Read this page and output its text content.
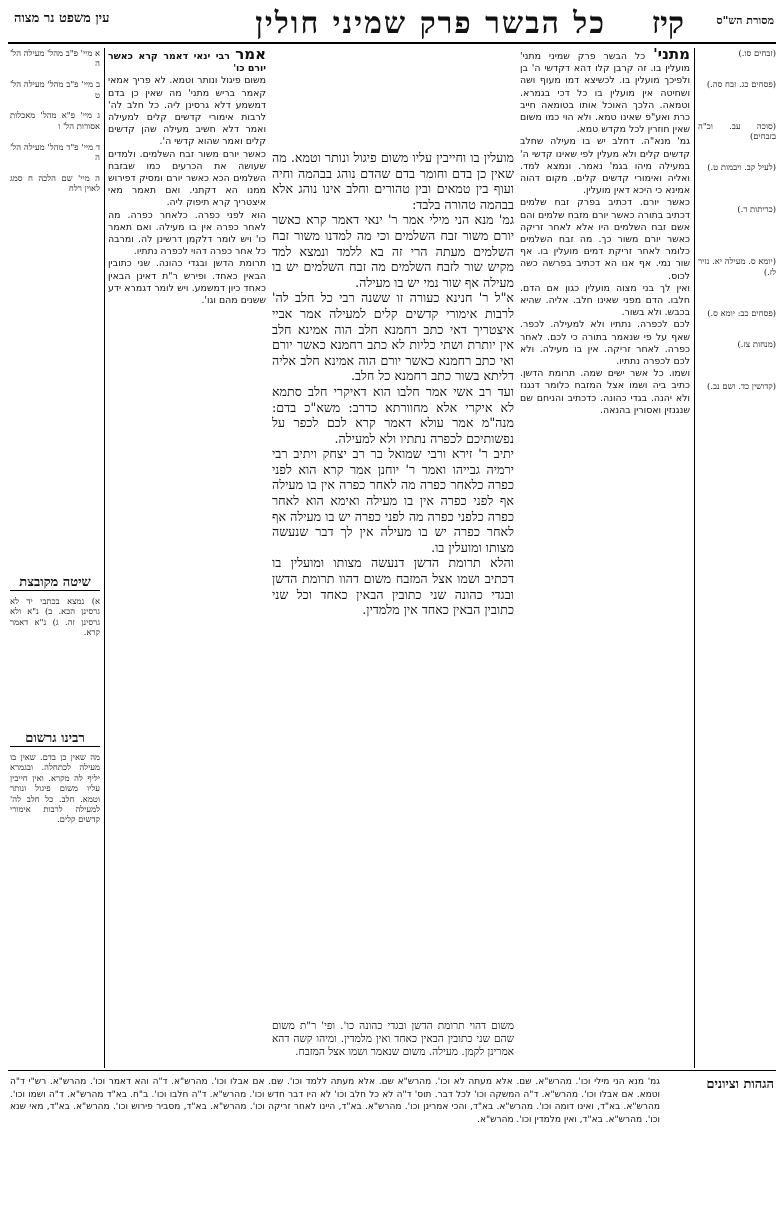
מסורת הש"ס
כל הבשר פרק שמיני חולין קיז
עין משפט נר מצוה

א מיי' פ"ב מהל' מעילה הל' ה

ב מיי' פ"ב מהל' מעילה הל' ט

ג מיי' פ"א מהל' מאכלות אסורות הל' ו

ד מיי' פ"ד מהל' מעילה הל' ה

ה מיי' שם הלכה ח סמג לאוין רלח

שיטה מקובצת

א) נמצא בכתבי יד לא גרסינן הכא. ב) נ"א ולא גרסינן זה. ג) נ"א דאמר קרא.

רבינו גרשום

מה שאין כן בדם. שאין בו מעילה לכתחלה. ובגמרא יליף לה מקרא. ואין חייבין עליו משום פיגול ונותר וטמא. חלב. כל חלב לה' למעילה לרבות אימורי קדשים קלים.

אמר רבי ינאי דאמר קרא כאשר יורם כו'

משום פיגול ונותר וטמא. לא פריך אמאי קאמר בריש מתני' מה שאין כן בדם דמשמע דלא גרסינן ליה. כל חלב לה' לרבות אימורי קדשים קלים למעילה ואמר דלא חשיב מעילה שהן קדשים קלים ואמר שהוא קדשי ה'.

כאשר יורם משור זבח השלמים. ולמדים שעושה את הכרעים כמו שבזבח השלמים הכא כאשר יורם ומסיק דפירוש ממנו הא דקתני. ואם תאמר מאי איצטריך קרא תיפוק ליה.

הוא לפני כפרה. כלאחר כפרה. מה לאחר כפרה אין בו מעילה. ואם תאמר כו' ויש לומר דלקמן דרשינן לה. ומרבה כל אחר כפרה דהוי לכפרה נתתיו.

תרומת הדשן ובגדי כהונה. שני כתובין הבאין כאחד. ופירש ר"ת דאינן הבאין כאחד כיון דמשמע. ויש לומר דגמרא ידע ששנים מהם וגו'.

מועלין בו וחייבין עליו משום פיגול ונותר וטמא. מה שאין כן בדם וחומר בדם שהדם נוהג בבהמה וחיה ועוף בין טמאים ובין טהורים וחלב אינו נוהג אלא בבהמה טהורה בלבד:

גמ' מנא הני מילי אמר ר' ינאי דאמר קרא כאשר יורם משור זבח השלמים וכי מה למדנו משור זבח השלמים מעתה הרי זה בא ללמד ונמצא למד מקיש שור לזבח השלמים מה זבח השלמים יש בו מעילה אף שור נמי יש בו מעילה.

א"ל ר' חנינא כעורה זו ששנה רבי כל חלב לה' לרבות אימורי קדשים קלים למעילה אמר אביי איצטריך דאי כתב רחמנא חלב הוה אמינא חלב אין יותרת ושתי כליות לא כתב רחמנא כאשר יורם ואי כתב רחמנא כאשר יורם הוה אמינא חלב אליה דליתא בשור כתב רחמנא כל חלב.

ועד רב אשי אמר חלבו הוא דאיקרי חלב סתמא לא איקרי אלא מחוורתא כדרב: משא"כ בדם: מנה"מ אמר עולא דאמר קרא לכם לכפר על נפשותיכם לכפרה נתתיו ולא למעילה.

יתיב ר' זירא ורבי שמואל בר רב יצחק ויתיב רבי ירמיה גבייהו ואמר ר' יוחנן אמר קרא הוא לפני כפרה כלאחר כפרה מה לאחר כפרה אין בו מעילה אף לפני כפרה אין בו מעילה ואימא הוא לאחר כפרה כלפני כפרה מה לפני כפרה יש בו מעילה אף לאחר כפרה יש בו מעילה אין לך דבר שנעשה מצותו ומועלין בו.

והלא תרומת הדשן דנעשה מצותו ומועלין בו דכתיב ושמו אצל המזבח משום דהוו תרומת הדשן ובגדי כהונה שני כתובין הבאין כאחד וכל שני כתובין הבאין כאחד אין מלמדין.

מתני' כל הבשר פרק שמיני מתני' מועלין בו. זה קרבן קלו דהא דקדשי ה' בן ולפיכך מועלין בו. לכשיצא דמו מעוף ושה ושחיטה אין מועלין בו כל דכי בגמרא. וטמאה. הלכך האוכל אותו בטומאה חייב כרת ואע"פ שאינו טמא. ולא הוי כמו משום שאין חוזרין לכל מקדש טמא.

גמ' מנא"ה. דחלב יש בו מעילה שחלב קדשים קלים ולא מעלין לפי שאינו קדשי ה' במעילה מיהו בגמ' נאמר. ונמצא למד. ואליה ואימורי קדשים קלים. מקום דהוה אמינא כי היכא דאין מועלין.

כאשר יורם. דכתיב בפרק זבח שלמים דכתיב בתורה כאשר יורם מזבח שלמים והם אשם זבח השלמים היו אלא לאחר זריקה כאשר יורם משור כך. מה זבח השלמים כלומר לאחר זריקת דמים מועלין בו. אף שור נמי. אף אנו הא דכתיב בפרשה כשה לכוס.

ואין לך בני מצוה מועלין כגון אם הדם. חלבו. הדם מפני שאינו חלב. אליה. שהיא בכבש. ולא בשור.

לכם לכפרה. נתתיו ולא למעילה. לכפר. שאף על פי שנאמר בתורה כי לכם. לאחר כפרה. לאחר זריקה. אין בו מעילה. ולא לכם לכפרה נתתיו.

ושמו. כל אשר ישים שמה. תרומת הדשן. כתיב ביה ושמו אצל המזבח כלומר דנגנז ולא יהנה. בגדי כהונה. כדכתיב והניחם שם שנגנזין ואסורין בהנאה.

(זבחים סו.)

(פסחים כג. זבח סה.)

(סוכה עב. וכ"ה בזבחים)

(לעיל קב. ויבמות ט.)

(כריתות ד.)

(יומא ס. מעילה יא. נזיר לז.)

(פסחים כב: יומא ס.)

(מנחות צז.)

(קדושין כד. ושם נב.)

משום דהוי תרומת הדשן ובגדי כהונה כו'. ופי' ר"ת משום שהם שני כתובין הבאין כאחד ואין מלמדין. ומיהו קשה דהא אמרינן לקמן. מעילה. משום שנאמר ושמו אצל המזבח.

הגהות וציונים

גמ' מנא הני מילי וכו'. מהרש"א. שם. אלא מעתה לא וכו'. מהרש"א שם. אלא מעתה ללמד וכו'. שם. אם אבלו וכו'. מהרש"א. ד"ה והא דאמר וכו'. מהרש"א. רש"י ד"ה וטמא. אם אבלו וכו'. מהרש"א. ד"ה המשקה וכו' לכל דבר. תוס' ד"ה לא כל חלב וכו' לא היו דבר חדש וכו'. מהרש"א. ד"ה חלבו וכו'. ב"ח. בא"ד מהרש"א. ד"ה ושמו וכו'. מהרש"א. בא"ד, ואינו דומה וכו'. מהרש"א. בא"ד, והכי אמרינן וכו'. מהרש"א. בא"ד, היינו לאחר זריקה וכו'. מהרש"א. בא"ד, מסביר פירוש וכו'. מהרש"א. בא"ד, מאי שנא וכו'. מהרש"א. בא"ד, ואין מלמדין וכו'. מהרש"א.
